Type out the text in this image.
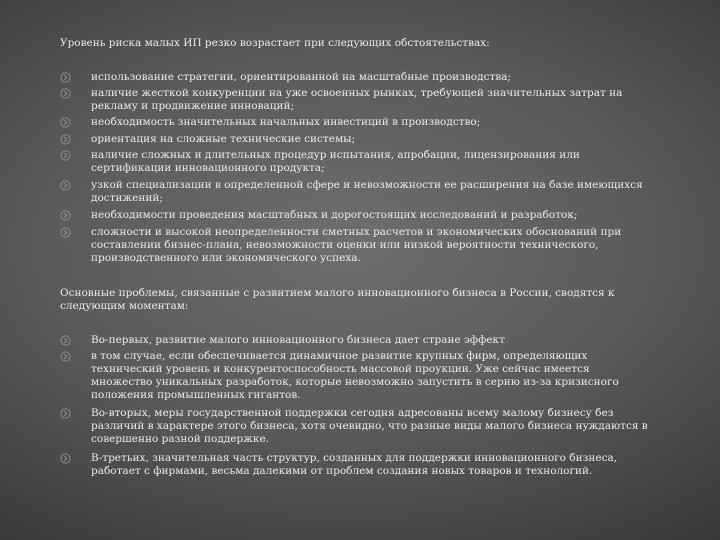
Уровень риска малых ИП резко возрастает при следующих обстоятельствах:
использование стратегии, ориентированной на масштабные производства;
наличие жесткой конкуренции на уже освоенных рынках, требующей значительных затрат на
рекламу и продвижение инноваций;
необходимость значительных начальных инвестиций в производство;
ориентация на сложные технические системы;
наличие сложных и длительных процедур испытания, апробации, лицензирования или
сертификации инновационного продукта;
узкой специализации в определенной сфере и невозможности ее расширения на базе имеющихся
достижений;
необходимости проведения масштабных и дорогостоящих исследований и разработок;
сложности и высокой неопределенности сметных расчетов и экономических обоснований при
составлении бизнес-плана, невозможности оценки или низкой вероятности технического,
производственного или экономического успеха.
Основные проблемы, связанные с развитием малого инновационного бизнеса в России, сводятся к
следующим моментам:
Во-первых, развитие малого инновационного бизнеса дает стране эффект
в том случае, если обеспечивается динамичное развитие крупных фирм, определяющих
технический уровень и конкурентоспособность массовой проукции. Уже сейчас имеется
множество уникальных разработок, которые невозможно запустить в серию из-за кризисного
положения промышленных гигантов.
Во-вторых, меры государственной поддержки сегодня адресованы всему малому бизнесу без
различий в характере этого бизнеса, хотя очевидно, что разные виды малого бизнеса нуждаются в
совершенно разной поддержке.
В-третьих, значительная часть структур, созданных для поддержки инновационного бизнеса,
работает с фирмами, весьма далекими от проблем создания новых товаров и технологий.
